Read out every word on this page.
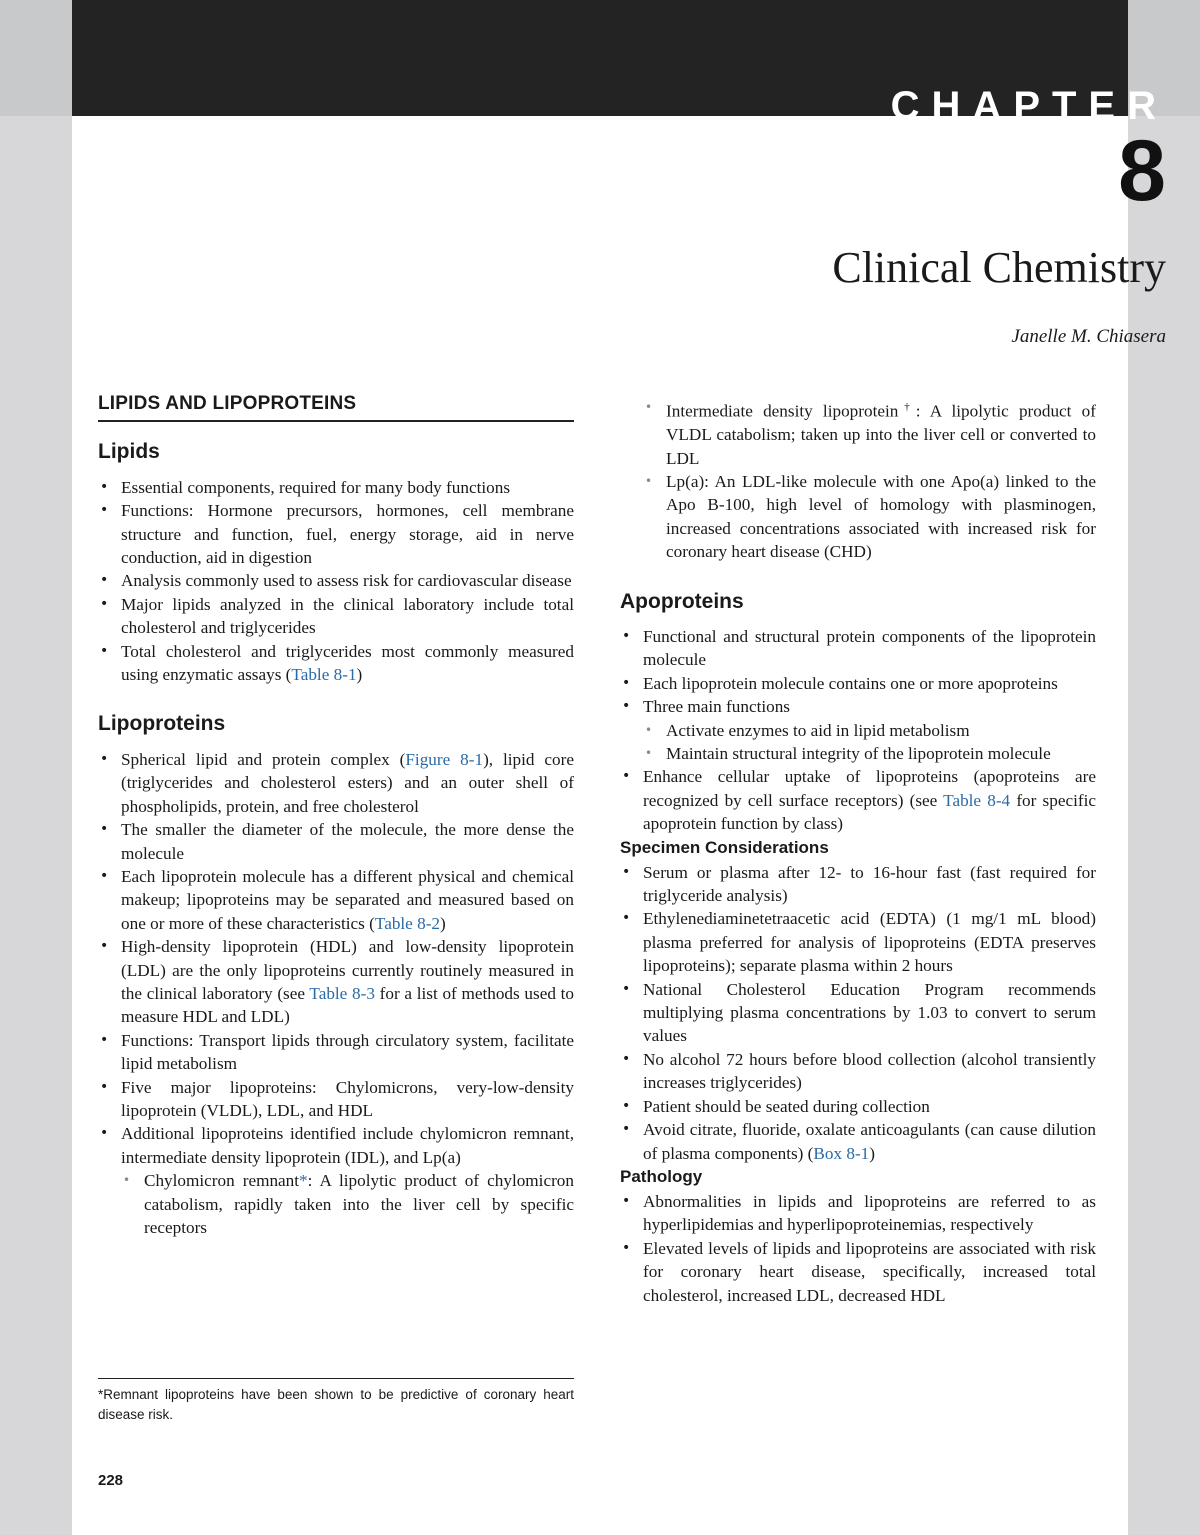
CHAPTER
8
Clinical Chemistry
Janelle M. Chiasera
LIPIDS AND LIPOPROTEINS
Lipids
• Essential components, required for many body functions
• Functions: Hormone precursors, hormones, cell membrane structure and function, fuel, energy storage, aid in nerve conduction, aid in digestion
• Analysis commonly used to assess risk for cardiovascular disease
• Major lipids analyzed in the clinical laboratory include total cholesterol and triglycerides
• Total cholesterol and triglycerides most commonly measured using enzymatic assays (Table 8-1)
Lipoproteins
• Spherical lipid and protein complex (Figure 8-1), lipid core (triglycerides and cholesterol esters) and an outer shell of phospholipids, protein, and free cholesterol
• The smaller the diameter of the molecule, the more dense the molecule
• Each lipoprotein molecule has a different physical and chemical makeup; lipoproteins may be separated and measured based on one or more of these characteristics (Table 8-2)
• High-density lipoprotein (HDL) and low-density lipoprotein (LDL) are the only lipoproteins currently routinely measured in the clinical laboratory (see Table 8-3 for a list of methods used to measure HDL and LDL)
• Functions: Transport lipids through circulatory system, facilitate lipid metabolism
• Five major lipoproteins: Chylomicrons, very-low-density lipoprotein (VLDL), LDL, and HDL
• Additional lipoproteins identified include chylomicron remnant, intermediate density lipoprotein (IDL), and Lp(a)
• Chylomicron remnant*: A lipolytic product of chylomicron catabolism, rapidly taken into the liver cell by specific receptors
*Remnant lipoproteins have been shown to be predictive of coronary heart disease risk.
228
• Intermediate density lipoprotein†: A lipolytic product of VLDL catabolism; taken up into the liver cell or converted to LDL
• Lp(a): An LDL-like molecule with one Apo(a) linked to the Apo B-100, high level of homology with plasminogen, increased concentrations associated with increased risk for coronary heart disease (CHD)
Apoproteins
• Functional and structural protein components of the lipoprotein molecule
• Each lipoprotein molecule contains one or more apoproteins
• Three main functions
• Activate enzymes to aid in lipid metabolism
• Maintain structural integrity of the lipoprotein molecule
• Enhance cellular uptake of lipoproteins (apoproteins are recognized by cell surface receptors) (see Table 8-4 for specific apoprotein function by class)
Specimen Considerations
• Serum or plasma after 12- to 16-hour fast (fast required for triglyceride analysis)
• Ethylenediaminetetraacetic acid (EDTA) (1 mg/1 mL blood) plasma preferred for analysis of lipoproteins (EDTA preserves lipoproteins); separate plasma within 2 hours
• National Cholesterol Education Program recommends multiplying plasma concentrations by 1.03 to convert to serum values
• No alcohol 72 hours before blood collection (alcohol transiently increases triglycerides)
• Patient should be seated during collection
• Avoid citrate, fluoride, oxalate anticoagulants (can cause dilution of plasma components) (Box 8-1)
Pathology
• Abnormalities in lipids and lipoproteins are referred to as hyperlipidemias and hyperlipoproteinemias, respectively
• Elevated levels of lipids and lipoproteins are associated with risk for coronary heart disease, specifically, increased total cholesterol, increased LDL, decreased HDL
